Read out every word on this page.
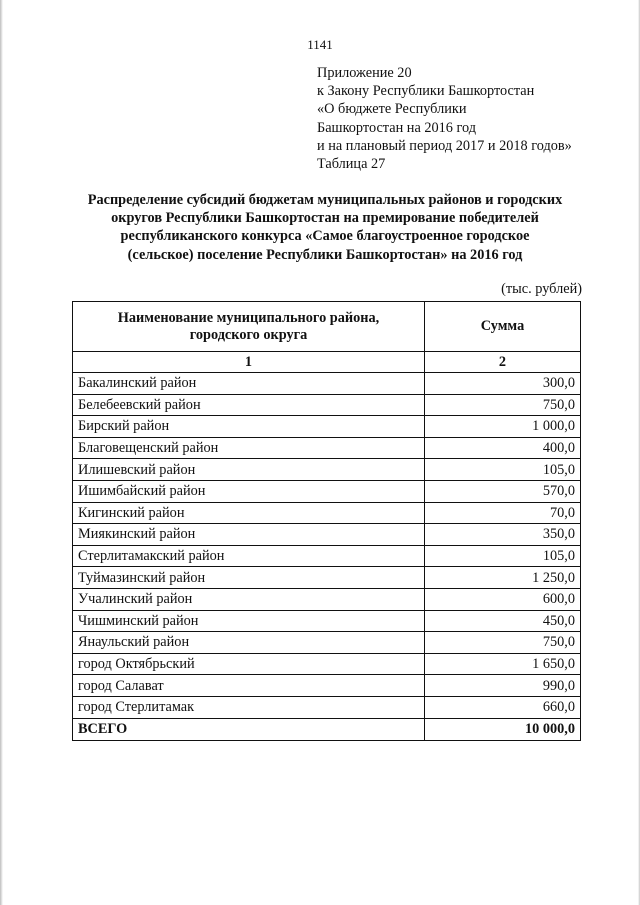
1141
Приложение 20
к Закону Республики Башкортостан
«О бюджете Республики
Башкортостан на 2016 год
и на плановый период 2017 и 2018 годов»
Таблица 27
Распределение субсидий бюджетам муниципальных районов и городских
округов Республики Башкортостан на премирование победителей
республиканского конкурса «Самое благоустроенное городское
(сельское) поселение Республики Башкортостан» на 2016 год
(тыс. рублей)
Наименование муниципального района,
городского округа	Сумма
1	2
Бакалинский район	300,0
Белебеевский район	750,0
Бирский район	1 000,0
Благовещенский район	400,0
Илишевский район	105,0
Ишимбайский район	570,0
Кигинский район	70,0
Миякинский район	350,0
Стерлитамакский район	105,0
Туймазинский район	1 250,0
Учалинский район	600,0
Чишминский район	450,0
Янаульский район	750,0
город Октябрьский	1 650,0
город Салават	990,0
город Стерлитамак	660,0
ВСЕГО	10 000,0
